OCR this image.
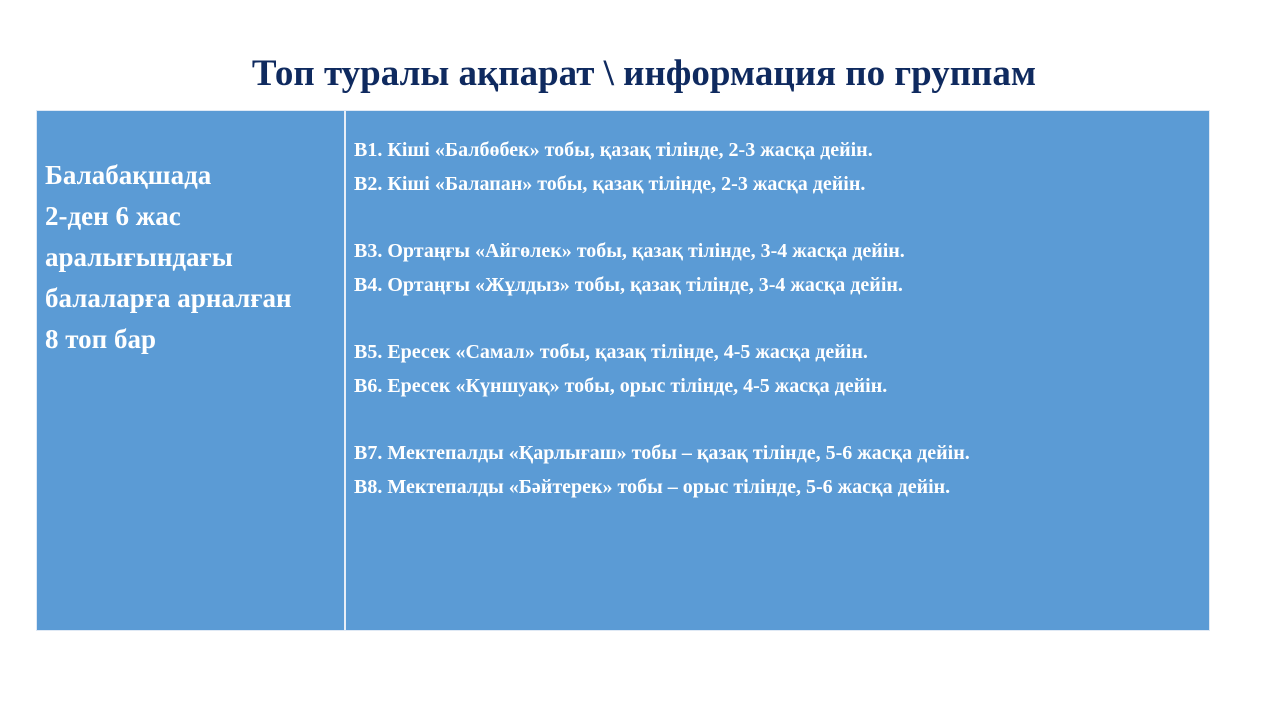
Топ туралы ақпарат \ информация по группам
Балабақшада
2-ден 6 жас
аралығындағы
балаларға арналған
8 топ бар
В1. Кіші «Балбөбек» тобы, қазақ тілінде, 2-3 жасқа дейін.
В2. Кіші «Балапан» тобы, қазақ тілінде, 2-3 жасқа дейін.
В3. Ортаңғы «Айгөлек» тобы, қазақ тілінде, 3-4 жасқа дейін.
В4. Ортаңғы «Жұлдыз» тобы, қазақ тілінде, 3-4 жасқа дейін.
В5. Ересек «Самал» тобы, қазақ тілінде, 4-5 жасқа дейін.
В6. Ересек «Күншуақ» тобы, орыс тілінде, 4-5 жасқа дейін.
В7. Мектепалды «Қарлығаш» тобы – қазақ тілінде, 5-6 жасқа дейін.
В8. Мектепалды «Бәйтерек» тобы – орыс тілінде, 5-6 жасқа дейін.
